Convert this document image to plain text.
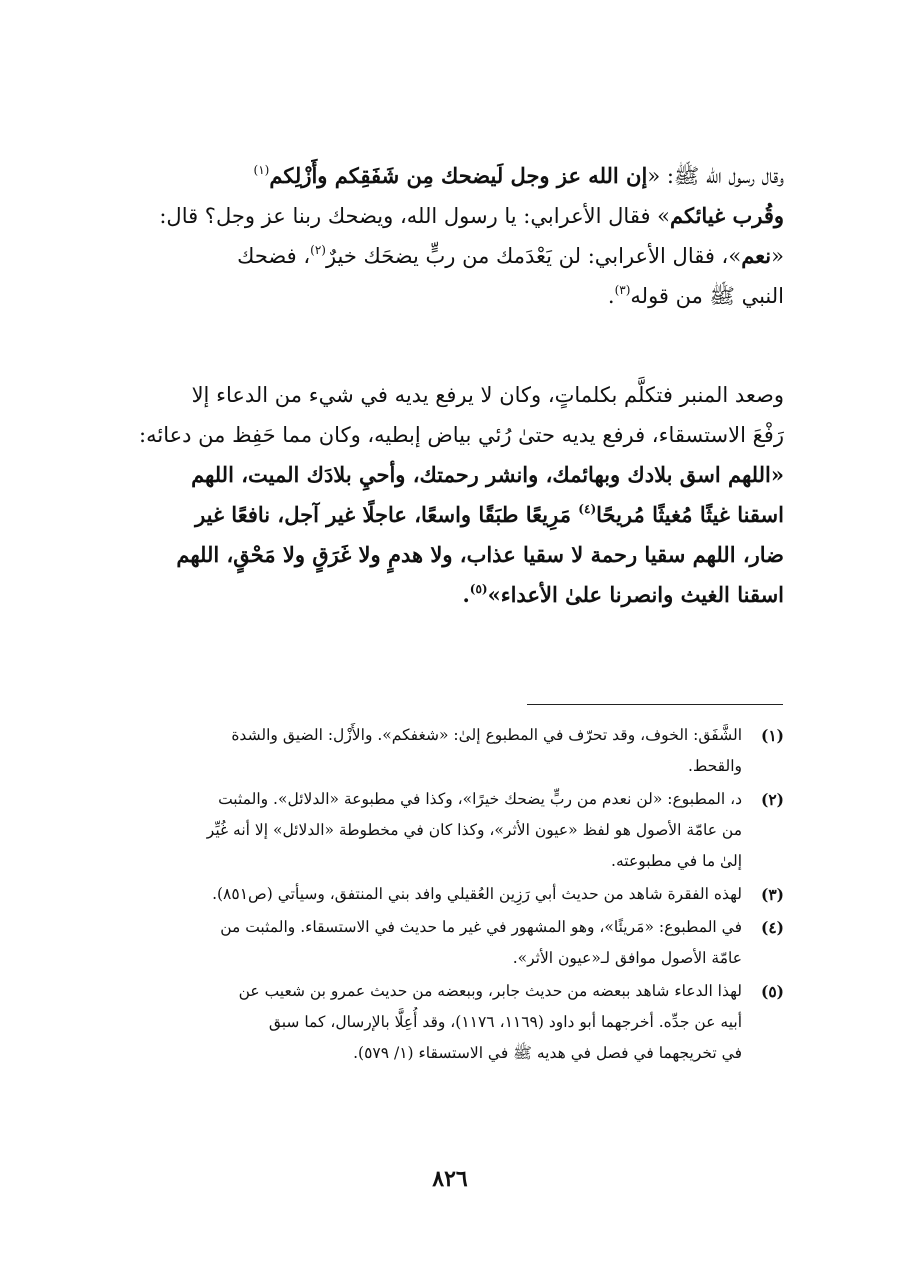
وقال رسول الله ﷺ: «إن الله عز وجل لَيضحك مِن شَفَقِكم وأَزْلِكم$^{(١)}$
وقُرب غيائكم» فقال الأعرابي: يا رسول الله، ويضحك ربنا عز وجل؟ قال:
«نعم»، فقال الأعرابي: لن يَعْدَمك من ربٍّ يضحَك خيرٌ$^{(٢)}$، فضحك
النبي ﷺ من قوله$^{(٣)}$.
وصعد المنبر فتكلَّم بكلماتٍ، وكان لا يرفع يديه في شيء من الدعاء إلا
رَفْعَ الاستسقاء، فرفع يديه حتىٰ رُئي بياض إبطيه، وكان مما حَفِظ من دعائه:
«اللهم اسق بلادك وبهائمك، وانشر رحمتك، وأحيِ بلادَك الميت، اللهم
اسقنا غيثًا مُغيثًا مُريحًا$^{(٤)}$ مَرِيعًا طبَقًا واسعًا، عاجلًا غير آجل، نافعًا غير
ضار، اللهم سقيا رحمة لا سقيا عذاب، ولا هدمٍ ولا غَرَقٍ ولا مَحْقٍ، اللهم
اسقنا الغيث وانصرنا علىٰ الأعداء»$^{(٥)}$.
(١)
الشَّفَق: الخوف، وقد تحرّف في المطبوع إلىٰ: «شغفكم». والأَزْل: الضيق والشدة
والقحط.
(٢)
د، المطبوع: «لن نعدم من ربٍّ يضحك خيرًا»، وكذا في مطبوعة «الدلائل». والمثبت
من عامّة الأصول هو لفظ «عيون الأثر»، وكذا كان في مخطوطة «الدلائل» إلا أنه غُيِّر
إلىٰ ما في مطبوعته.
(٣)
لهذه الفقرة شاهد من حديث أبي رَزِين العُقيلي وافد بني المنتفق، وسيأتي (ص٨٥١).
(٤)
في المطبوع: «مَريئًا»، وهو المشهور في غير ما حديث في الاستسقاء. والمثبت من
عامّة الأصول موافق لـ«عيون الأثر».
(٥)
لهذا الدعاء شاهد ببعضه من حديث جابر، وببعضه من حديث عمرو بن شعيب عن
أبيه عن جدِّه. أخرجهما أبو داود (١١٦٩، ١١٧٦)، وقد أُعِلَّا بالإرسال، كما سبق
في تخريجهما في فصل في هديه ﷺ في الاستسقاء (١/ ٥٧٩).
٨٢٦
